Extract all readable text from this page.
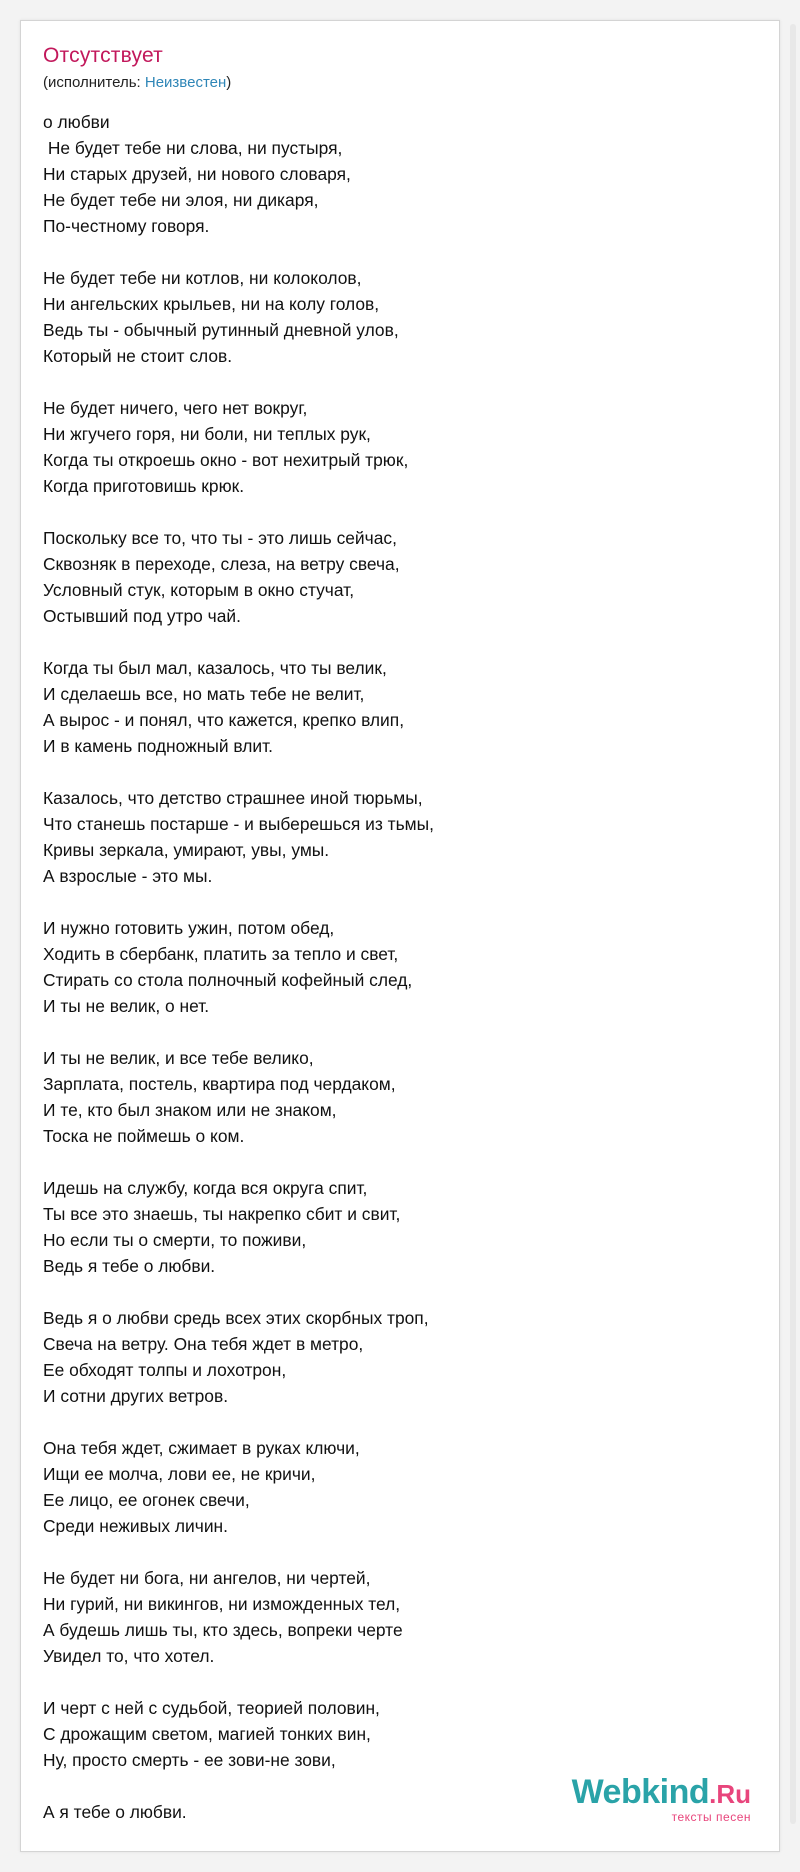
Отсутствует
(исполнитель: Неизвестен)
о любви
Не будет тебе ни слова, ни пустыря,
Ни старых друзей, ни нового словаря,
Не будет тебе ни элоя, ни дикаря,
По-честному говоря.
Не будет тебе ни котлов, ни колоколов,
Ни ангельских крыльев, ни на колу голов,
Ведь ты - обычный рутинный дневной улов,
Который не стоит слов.
Не будет ничего, чего нет вокруг,
Ни жгучего горя, ни боли, ни теплых рук,
Когда ты откроешь окно - вот нехитрый трюк,
Когда приготовишь крюк.
Поскольку все то, что ты - это лишь сейчас,
Сквозняк в переходе, слеза, на ветру свеча,
Условный стук, которым в окно стучат,
Остывший под утро чай.
Когда ты был мал, казалось, что ты велик,
И сделаешь все, но мать тебе не велит,
А вырос - и понял, что кажется, крепко влип,
И в камень подножный влит.
Казалось, что детство страшнее иной тюрьмы,
Что станешь постарше - и выберешься из тьмы,
Кривы зеркала, умирают, увы, умы.
А взрослые - это мы.
И нужно готовить ужин, потом обед,
Ходить в сбербанк, платить за тепло и свет,
Стирать со стола полночный кофейный след,
И ты не велик, о нет.
И ты не велик, и все тебе велико,
Зарплата, постель, квартира под чердаком,
И те, кто был знаком или не знаком,
Тоска не поймешь о ком.
Идешь на службу, когда вся округа спит,
Ты все это знаешь, ты накрепко сбит и свит,
Но если ты о смерти, то поживи,
Ведь я тебе о любви.
Ведь я о любви средь всех этих скорбных троп,
Свеча на ветру. Она тебя ждет в метро,
Ее обходят толпы и лохотрон,
И сотни других ветров.
Она тебя ждет, сжимает в руках ключи,
Ищи ее молча, лови ее, не кричи,
Ее лицо, ее огонек свечи,
Среди неживых личин.
Не будет ни бога, ни ангелов, ни чертей,
Ни гурий, ни викингов, ни изможденных тел,
А будешь лишь ты, кто здесь, вопреки черте
Увидел то, что хотел.
И черт с ней с судьбой, теорией половин,
С дрожащим светом, магией тонких вин,
Ну, просто смерть - ее зови-не зови,
А я тебе о любви.
Webkind.Ru
тексты песен
